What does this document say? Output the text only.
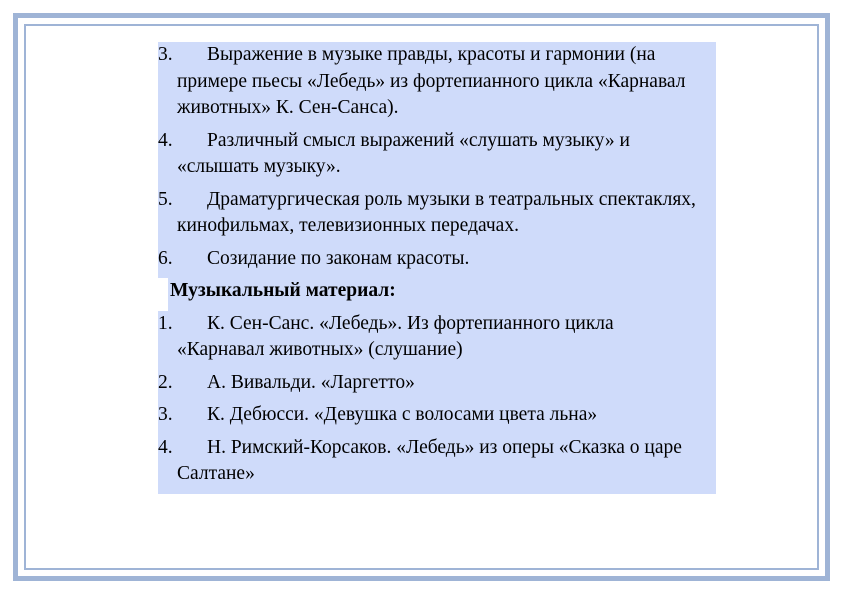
3.	Выражение в музыке правды, красоты и гармонии (на примере пьесы «Лебедь» из фортепианного цикла «Карнавал животных» К. Сен-Санса).
4.	Различный смысл выражений «слушать музыку» и «слышать музыку».
5.	Драматургическая роль музыки в театральных спектаклях, кинофильмах, телевизионных передачах.
6.	Созидание по законам красоты.
Музыкальный материал:
1.	К. Сен-Санс. «Лебедь». Из фортепианного цикла «Карнавал животных» (слушание)
2.	А. Вивальди. «Ларгетто»
3.	К. Дебюсси. «Девушка с волосами цвета льна»
4.	Н. Римский-Корсаков. «Лебедь» из оперы «Сказка о царе Салтане»
